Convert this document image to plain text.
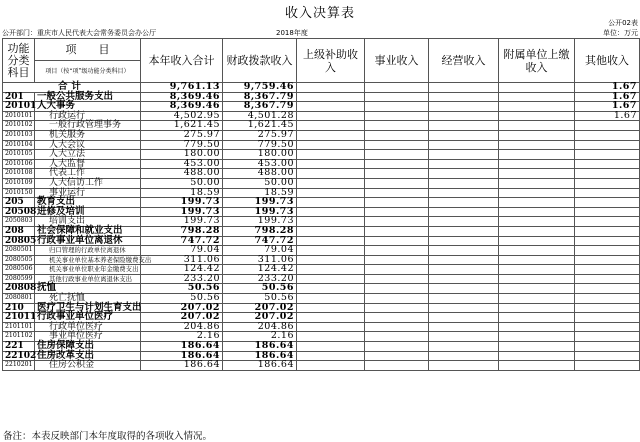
收入决算表
公开02表
公开部门：重庆市人民代表大会常务委员会办公厅	2018年度	单位：万元
功能分类科目	项　　目	本年收入合计	财政拨款收入	上级补助收入	事业收入	经营收入	附属单位上缴收入	其他收入
	项目（按“项”级功能分类科目）							
合计		9,761.13	9,759.46					1.67
201	一般公共服务支出	8,369.46	8,367.79					1.67
20101	人大事务	8,369.46	8,367.79					1.67
2010101	行政运行	4,502.95	4,501.28					1.67
2010102	一般行政管理事务	1,621.45	1,621.45					
2010103	机关服务	275.97	275.97					
2010104	人大会议	779.50	779.50					
2010105	人大立法	180.00	180.00					
2010106	人大监督	453.00	453.00					
2010108	代表工作	488.00	488.00					
2010109	人大信访工作	50.00	50.00					
2010150	事业运行	18.59	18.59					
205	教育支出	199.73	199.73					
20508	进修及培训	199.73	199.73					
2050803	培训支出	199.73	199.73					
208	社会保障和就业支出	798.28	798.28					
20805	行政事业单位离退休	747.72	747.72					
2080501	归口管理的行政单位离退休	79.04	79.04					
2080505	机关事业单位基本养老保险缴费支出	311.06	311.06					
2080506	机关事业单位职业年金缴费支出	124.42	124.42					
2080599	其他行政事业单位离退休支出	233.20	233.20					
20808	抚恤	50.56	50.56					
2080801	死亡抚恤	50.56	50.56					
210	医疗卫生与计划生育支出	207.02	207.02					
21011	行政事业单位医疗	207.02	207.02					
2101101	行政单位医疗	204.86	204.86					
2101102	事业单位医疗	2.16	2.16					
221	住房保障支出	186.64	186.64					
22102	住房改革支出	186.64	186.64					
2210201	住房公积金	186.64	186.64					
备注：本表反映部门本年度取得的各项收入情况。
